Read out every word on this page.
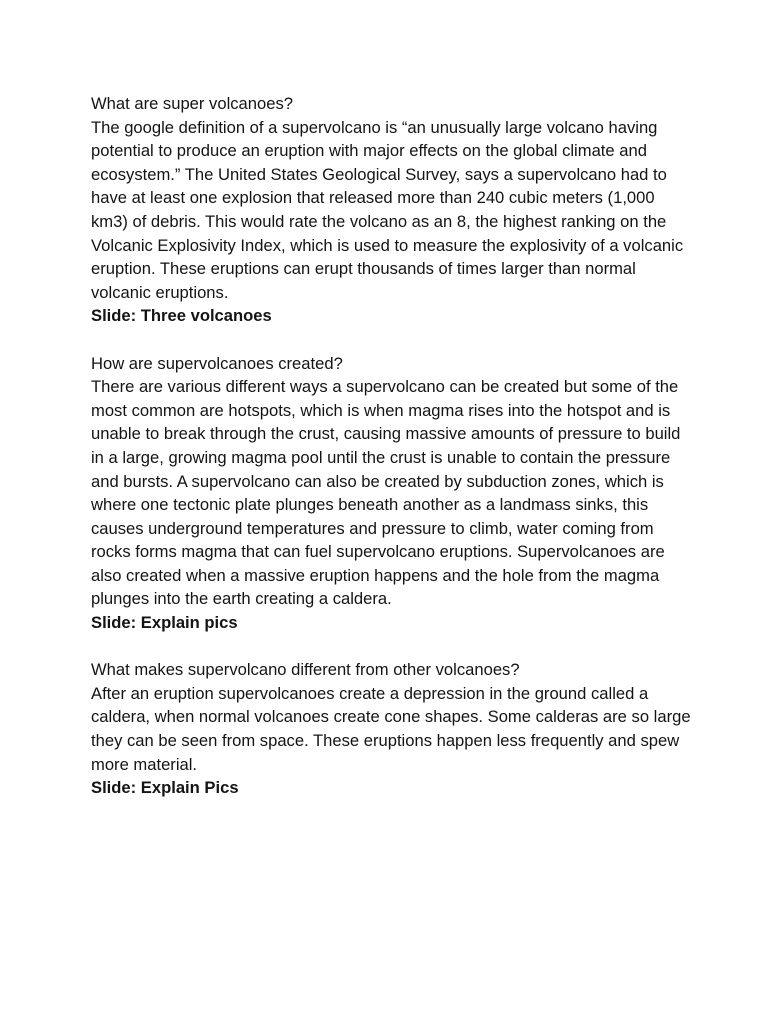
What are super volcanoes?

The google definition of a supervolcano is “an unusually large volcano having potential to produce an eruption with major effects on the global climate and ecosystem.” The United States Geological Survey, says a supervolcano had to have at least one explosion that released more than 240 cubic meters (1,000 km3) of debris. This would rate the volcano as an 8, the highest ranking on the Volcanic Explosivity Index, which is used to measure the explosivity of a volcanic eruption. These eruptions can erupt thousands of times larger than normal volcanic eruptions.

Slide: Three volcanoes

How are supervolcanoes created?

There are various different ways a supervolcano can be created but some of the most common are hotspots, which is when magma rises into the hotspot and is unable to break through the crust, causing massive amounts of pressure to build in a large, growing magma pool until the crust is unable to contain the pressure and bursts. A supervolcano can also be created by subduction zones, which is where one tectonic plate plunges beneath another as a landmass sinks, this causes underground temperatures and pressure to climb, water coming from rocks forms magma that can fuel supervolcano eruptions. Supervolcanoes are also created when a massive eruption happens and the hole from the magma plunges into the earth creating a caldera.

Slide: Explain pics

What makes supervolcano different from other volcanoes?

After an eruption supervolcanoes create a depression in the ground called a caldera, when normal volcanoes create cone shapes. Some calderas are so large they can be seen from space. These eruptions happen less frequently and spew more material.

Slide: Explain Pics
